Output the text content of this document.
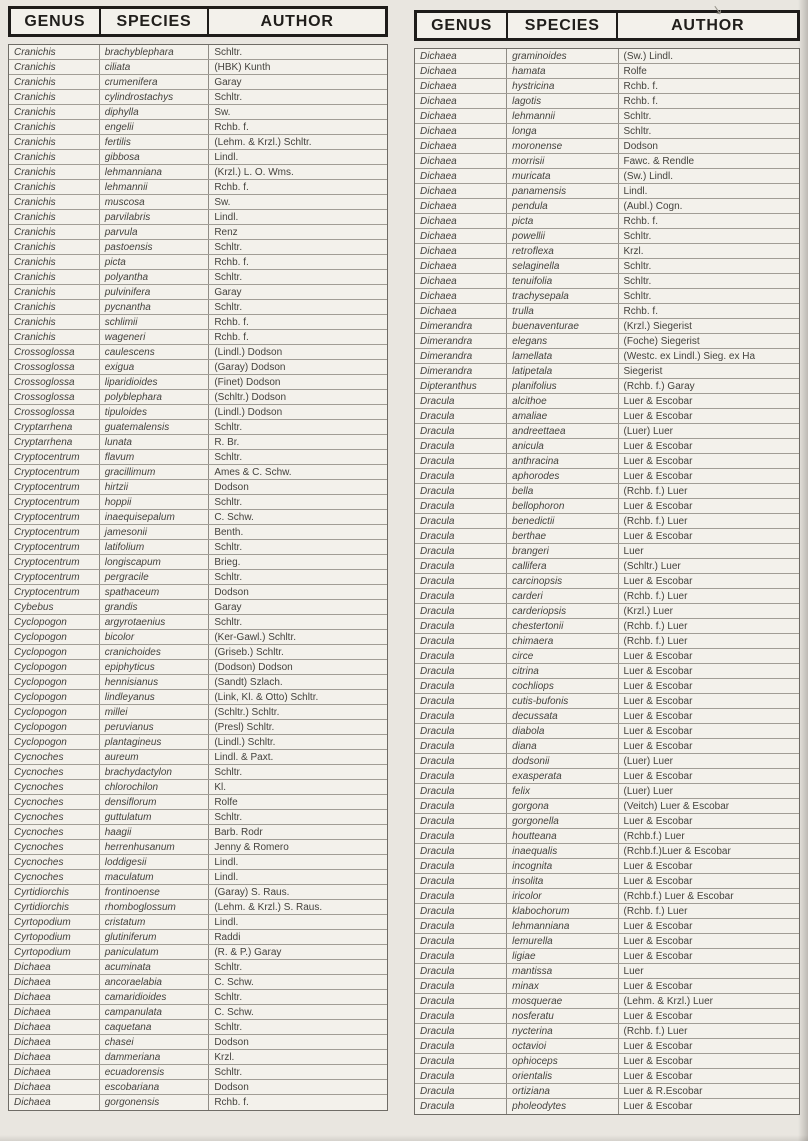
GENUS	SPECIES	AUTHOR
Cranichis	brachyblephara	Schltr.
Cranichis	ciliata	(HBK) Kunth
Cranichis	crumenifera	Garay
Cranichis	cylindrostachys	Schltr.
Cranichis	diphylla	Sw.
Cranichis	engelii	Rchb. f.
Cranichis	fertilis	(Lehm. & Krzl.) Schltr.
Cranichis	gibbosa	Lindl.
Cranichis	lehmanniana	(Krzl.) L. O. Wms.
Cranichis	lehmannii	Rchb. f.
Cranichis	muscosa	Sw.
Cranichis	parvilabris	Lindl.
Cranichis	parvula	Renz
Cranichis	pastoensis	Schltr.
Cranichis	picta	Rchb. f.
Cranichis	polyantha	Schltr.
Cranichis	pulvinifera	Garay
Cranichis	pycnantha	Schltr.
Cranichis	schlimii	Rchb. f.
Cranichis	wageneri	Rchb. f.
Crossoglossa	caulescens	(Lindl.) Dodson
Crossoglossa	exigua	(Garay) Dodson
Crossoglossa	liparidioides	(Finet) Dodson
Crossoglossa	polyblephara	(Schltr.) Dodson
Crossoglossa	tipuloides	(Lindl.) Dodson
Cryptarrhena	guatemalensis	Schltr.
Cryptarrhena	lunata	R. Br.
Cryptocentrum	flavum	Schltr.
Cryptocentrum	gracillimum	Ames & C. Schw.
Cryptocentrum	hirtzii	Dodson
Cryptocentrum	hoppii	Schltr.
Cryptocentrum	inaequisepalum	C. Schw.
Cryptocentrum	jamesonii	Benth.
Cryptocentrum	latifolium	Schltr.
Cryptocentrum	longiscapum	Brieg.
Cryptocentrum	pergracile	Schltr.
Cryptocentrum	spathaceum	Dodson
Cybebus	grandis	Garay
Cyclopogon	argyrotaenius	Schltr.
Cyclopogon	bicolor	(Ker-Gawl.) Schltr.
Cyclopogon	cranichoides	(Griseb.) Schltr.
Cyclopogon	epiphyticus	(Dodson) Dodson
Cyclopogon	hennisianus	(Sandt) Szlach.
Cyclopogon	lindleyanus	(Link, Kl. & Otto) Schltr.
Cyclopogon	millei	(Schltr.) Schltr.
Cyclopogon	peruvianus	(Presl) Schltr.
Cyclopogon	plantagineus	(Lindl.) Schltr.
Cycnoches	aureum	Lindl. & Paxt.
Cycnoches	brachydactylon	Schltr.
Cycnoches	chlorochilon	Kl.
Cycnoches	densiflorum	Rolfe
Cycnoches	guttulatum	Schltr.
Cycnoches	haagii	Barb. Rodr
Cycnoches	herrenhusanum	Jenny & Romero
Cycnoches	loddigesii	Lindl.
Cycnoches	maculatum	Lindl.
Cyrtidiorchis	frontinoense	(Garay) S. Raus.
Cyrtidiorchis	rhomboglossum	(Lehm. & Krzl.) S. Raus.
Cyrtopodium	cristatum	Lindl.
Cyrtopodium	glutiniferum	Raddi
Cyrtopodium	paniculatum	(R. & P.) Garay
Dichaea	acuminata	Schltr.
Dichaea	ancoraelabia	C. Schw.
Dichaea	camaridioides	Schltr.
Dichaea	campanulata	C. Schw.
Dichaea	caquetana	Schltr.
Dichaea	chasei	Dodson
Dichaea	dammeriana	Krzl.
Dichaea	ecuadorensis	Schltr.
Dichaea	escobariana	Dodson
Dichaea	gorgonensis	Rchb. f.
GENUS	SPECIES	AUTHOR
Dichaea	graminoides	(Sw.) Lindl.
Dichaea	hamata	Rolfe
Dichaea	hystricina	Rchb. f.
Dichaea	lagotis	Rchb. f.
Dichaea	lehmannii	Schltr.
Dichaea	longa	Schltr.
Dichaea	moronense	Dodson
Dichaea	morrisii	Fawc. & Rendle
Dichaea	muricata	(Sw.) Lindl.
Dichaea	panamensis	Lindl.
Dichaea	pendula	(Aubl.) Cogn.
Dichaea	picta	Rchb. f.
Dichaea	powellii	Schltr.
Dichaea	retroflexa	Krzl.
Dichaea	selaginella	Schltr.
Dichaea	tenuifolia	Schltr.
Dichaea	trachysepala	Schltr.
Dichaea	trulla	Rchb. f.
Dimerandra	buenaventurae	(Krzl.) Siegerist
Dimerandra	elegans	(Foche) Siegerist
Dimerandra	lamellata	(Westc. ex Lindl.) Sieg. ex Ha
Dimerandra	latipetala	Siegerist
Dipteranthus	planifolius	(Rchb. f.) Garay
Dracula	alcithoe	Luer & Escobar
Dracula	amaliae	Luer & Escobar
Dracula	andreettaea	(Luer) Luer
Dracula	anicula	Luer & Escobar
Dracula	anthracina	Luer & Escobar
Dracula	aphorodes	Luer & Escobar
Dracula	bella	(Rchb. f.) Luer
Dracula	bellophoron	Luer & Escobar
Dracula	benedictii	(Rchb. f.) Luer
Dracula	berthae	Luer & Escobar
Dracula	brangeri	Luer
Dracula	callifera	(Schltr.) Luer
Dracula	carcinopsis	Luer & Escobar
Dracula	carderi	(Rchb. f.) Luer
Dracula	carderiopsis	(Krzl.) Luer
Dracula	chestertonii	(Rchb. f.) Luer
Dracula	chimaera	(Rchb. f.) Luer
Dracula	circe	Luer & Escobar
Dracula	citrina	Luer & Escobar
Dracula	cochliops	Luer & Escobar
Dracula	cutis-bufonis	Luer & Escobar
Dracula	decussata	Luer & Escobar
Dracula	diabola	Luer & Escobar
Dracula	diana	Luer & Escobar
Dracula	dodsonii	(Luer) Luer
Dracula	exasperata	Luer & Escobar
Dracula	felix	(Luer) Luer
Dracula	gorgona	(Veitch) Luer & Escobar
Dracula	gorgonella	Luer & Escobar
Dracula	houtteana	(Rchb.f.) Luer
Dracula	inaequalis	(Rchb.f.)Luer & Escobar
Dracula	incognita	Luer & Escobar
Dracula	insolita	Luer & Escobar
Dracula	iricolor	(Rchb.f.) Luer & Escobar
Dracula	klabochorum	(Rchb. f.) Luer
Dracula	lehmanniana	Luer & Escobar
Dracula	lemurella	Luer & Escobar
Dracula	ligiae	Luer & Escobar
Dracula	mantissa	Luer
Dracula	minax	Luer & Escobar
Dracula	mosquerae	(Lehm. & Krzl.) Luer
Dracula	nosferatu	Luer & Escobar
Dracula	nycterina	(Rchb. f.) Luer
Dracula	octavioi	Luer & Escobar
Dracula	ophioceps	Luer & Escobar
Dracula	orientalis	Luer & Escobar
Dracula	ortiziana	Luer & R.Escobar
Dracula	pholeodytes	Luer & Escobar
↘
